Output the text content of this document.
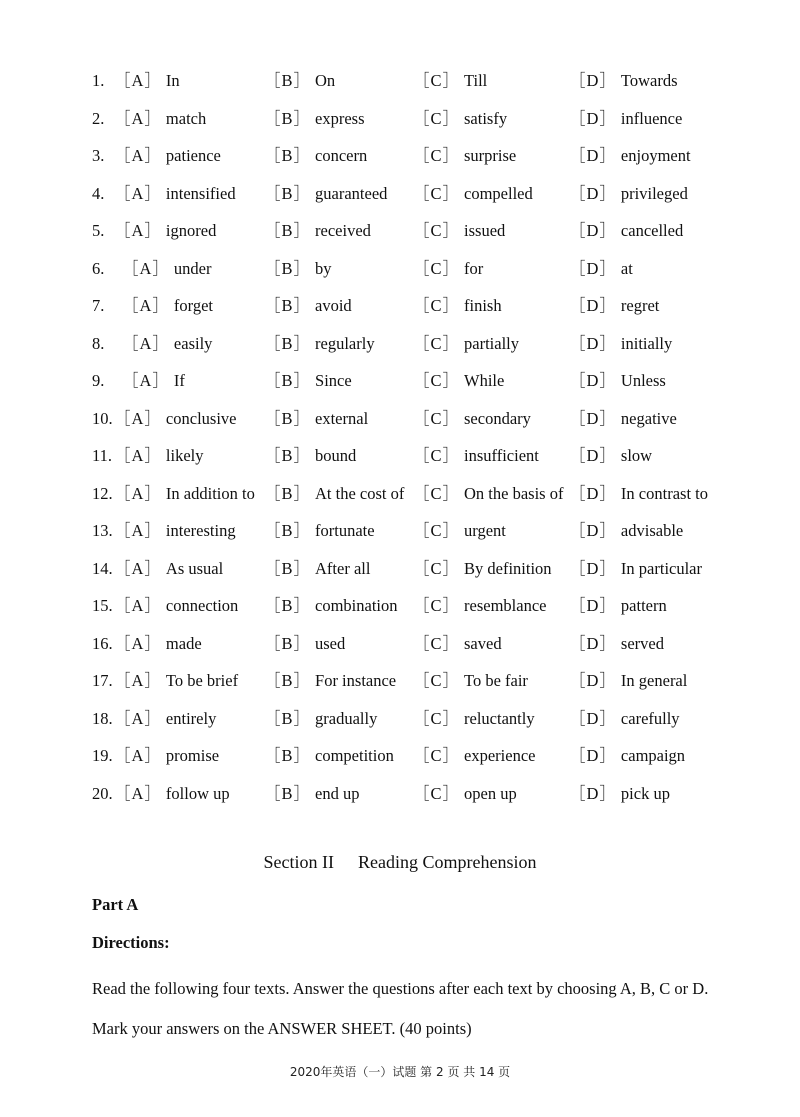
1. ［A］ In	［B］ On	［C］ Till	［D］ Towards
2. ［A］ match	［B］ express	［C］ satisfy	［D］ influence
3. ［A］ patience	［B］ concern	［C］ surprise	［D］ enjoyment
4. ［A］ intensified ［B］ guaranteed ［C］ compelled ［D］ privileged
5. ［A］ ignored	［B］ received	［C］ issued	［D］ cancelled
6. ［A］ under	［B］ by	［C］ for	［D］ at
7. ［A］ forget	［B］ avoid	［C］ finish	［D］ regret
8. ［A］ easily	［B］ regularly ［C］ partially	［D］ initially
9. ［A］ If	［B］ Since	［C］ While	［D］ Unless
10. ［A］ conclusive ［B］ external	［C］ secondary ［D］ negative
11. ［A］ likely	［B］ bound	［C］ insufficient ［D］ slow
12. ［A］ In addition to ［B］ At the cost of ［C］ On the basis of ［D］ In contrast to
13. ［A］ interesting ［B］ fortunate ［C］ urgent	［D］ advisable
14. ［A］ As usual ［B］ After all	［C］ By definition ［D］ In particular
15. ［A］ connection ［B］ combination ［C］ resemblance ［D］ pattern
16. ［A］ made	［B］ used	［C］ saved	［D］ served
17. ［A］ To be brief ［B］ For instance ［C］ To be fair ［D］ In general
18. ［A］ entirely	［B］ gradually ［C］ reluctantly ［D］ carefully
19. ［A］ promise	［B］ competition ［C］ experience ［D］ campaign
20. ［A］ follow up ［B］ end up	［C］ open up	［D］ pick up
Section II Reading Comprehension
Part A
Directions:
Read the following four texts. Answer the questions after each text by choosing A, B, C or D. Mark your answers on the ANSWER SHEET. (40 points)
2020年英语（一）试题 第 2 页 共 14 页
